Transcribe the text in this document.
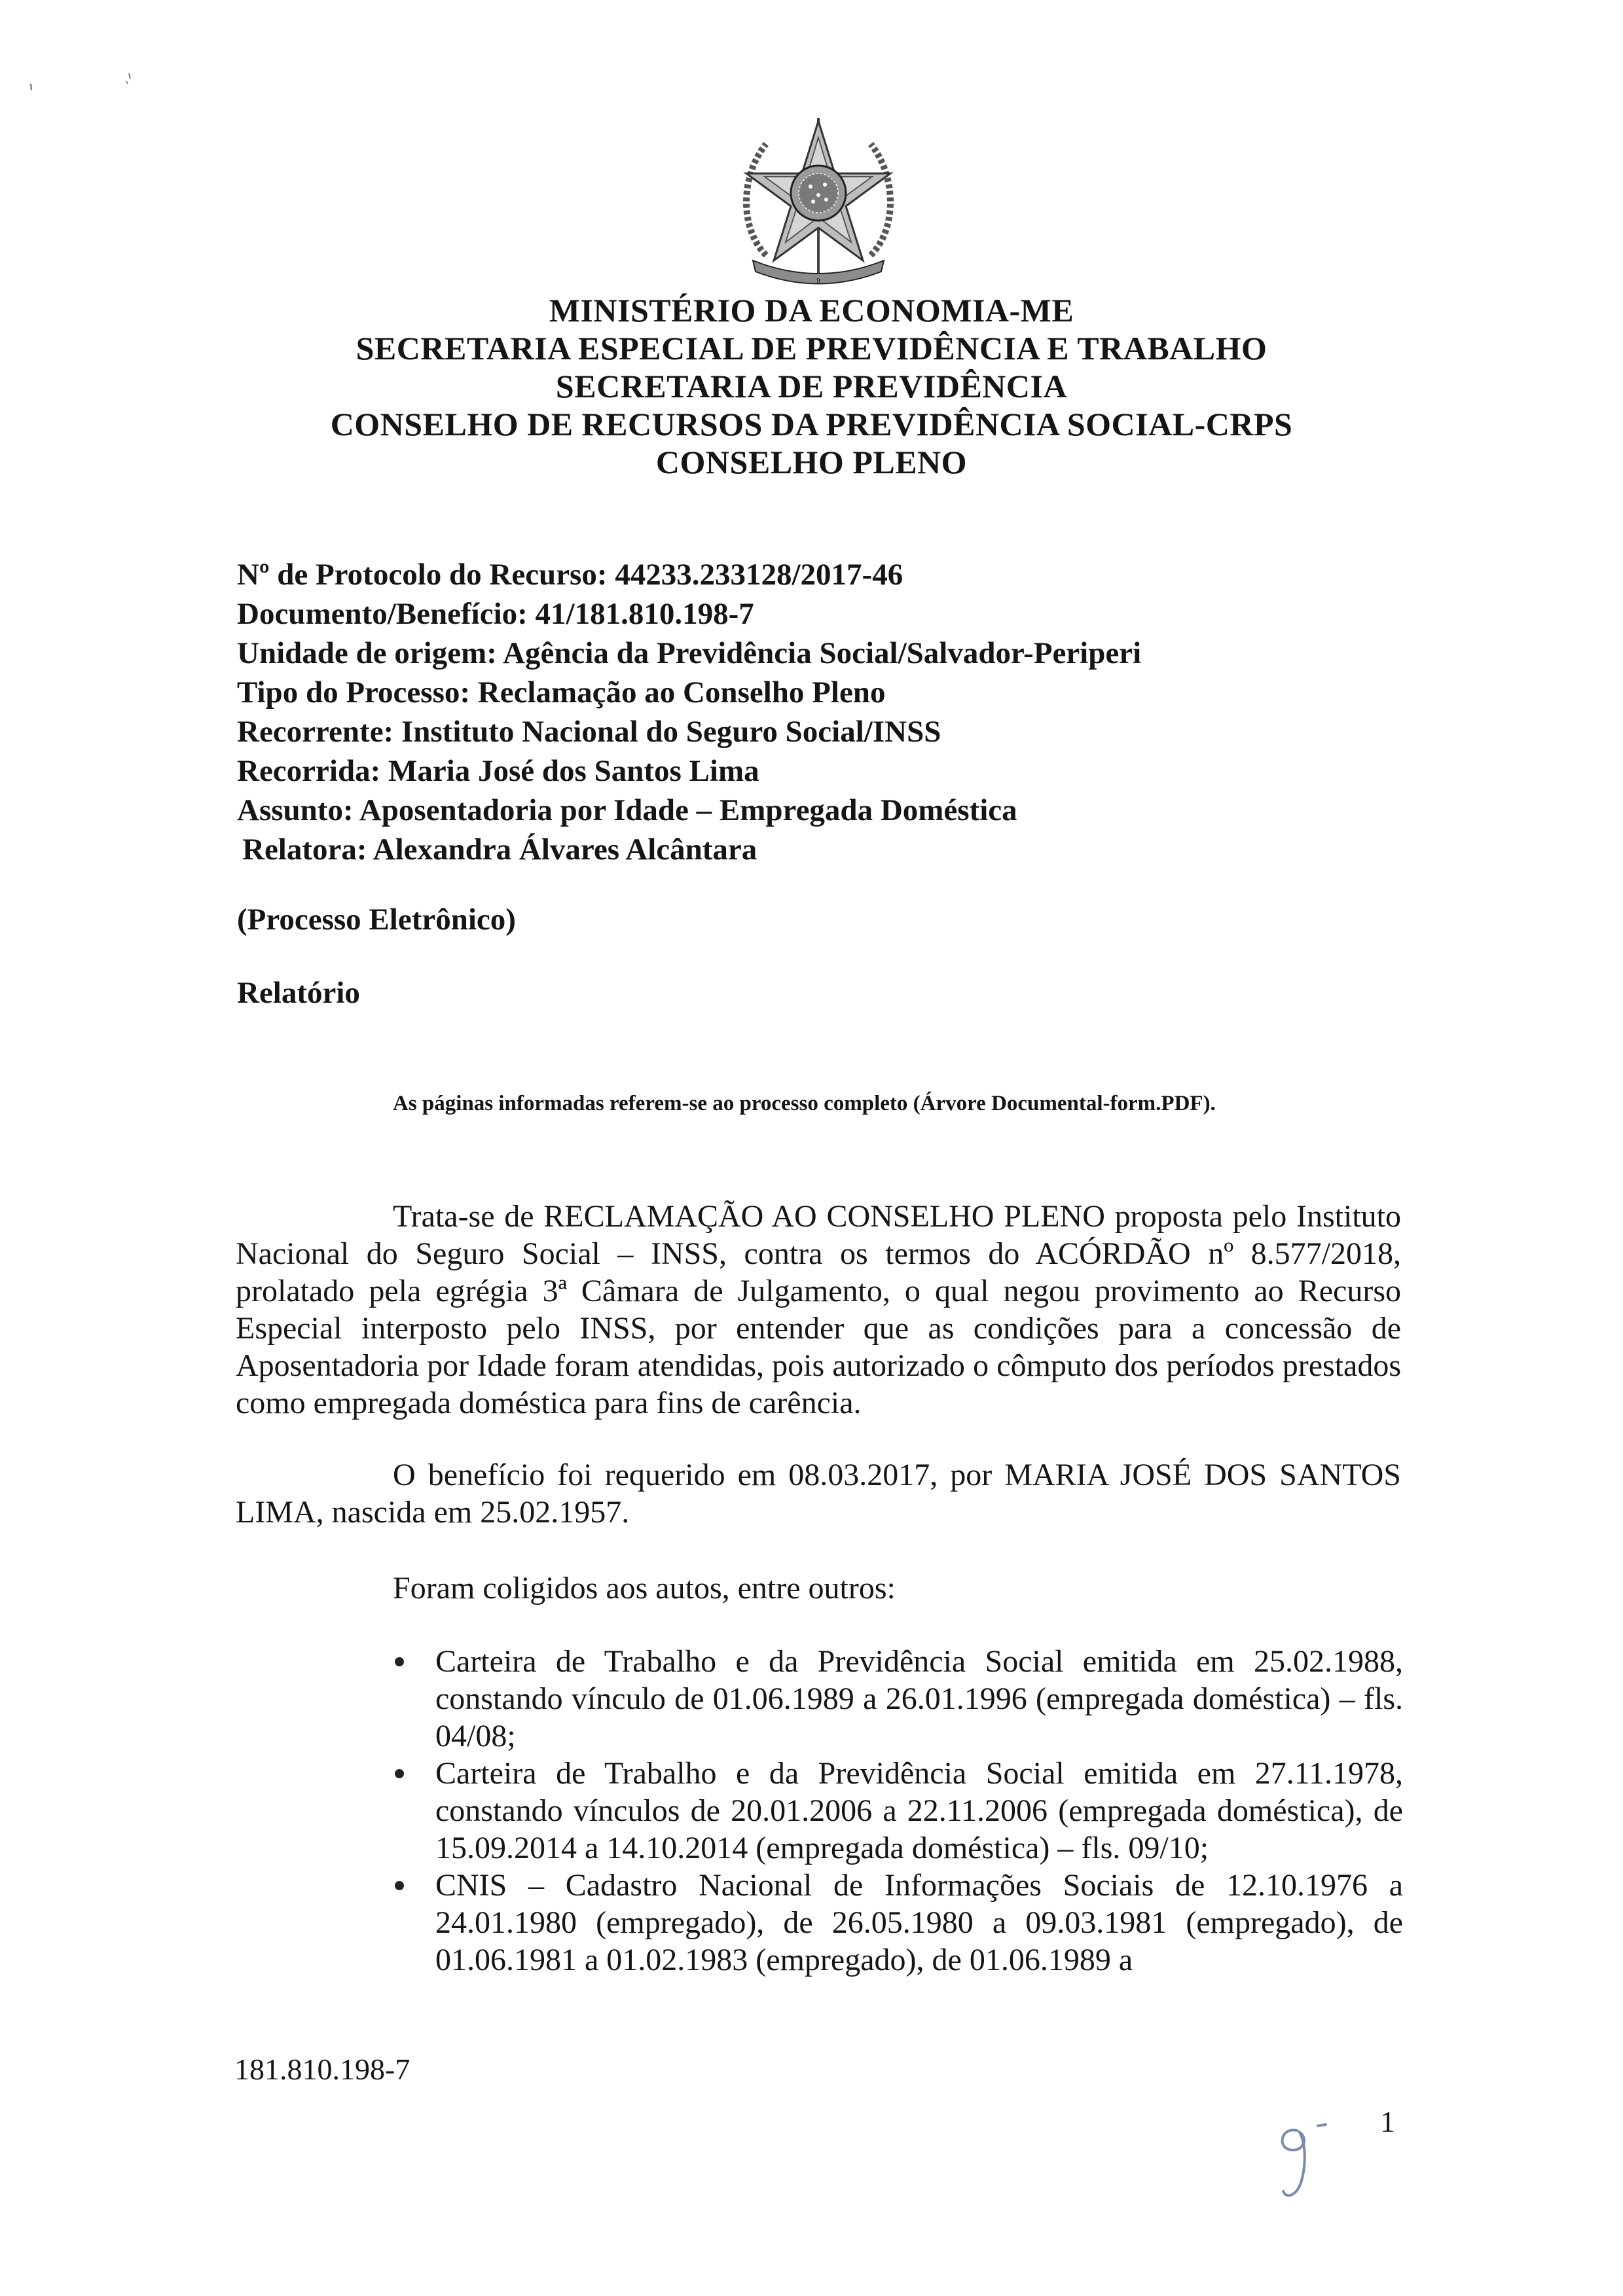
9
MINISTÉRIO DA ECONOMIA-ME
SECRETARIA ESPECIAL DE PREVIDÊNCIA E TRABALHO
SECRETARIA DE PREVIDÊNCIA
CONSELHO DE RECURSOS DA PREVIDÊNCIA SOCIAL-CRPS
CONSELHO PLENO
Nº de Protocolo do Recurso: 44233.233128/2017-46
Documento/Benefício: 41/181.810.198-7
Unidade de origem: Agência da Previdência Social/Salvador-Periperi
Tipo do Processo: Reclamação ao Conselho Pleno
Recorrente: Instituto Nacional do Seguro Social/INSS
Recorrida: Maria José dos Santos Lima
Assunto: Aposentadoria por Idade – Empregada Doméstica
Relatora: Alexandra Álvares Alcântara
(Processo Eletrônico)
Relatório
As páginas informadas referem-se ao processo completo (Árvore Documental-form.PDF).

Trata-se de RECLAMAÇÃO AO CONSELHO PLENO proposta pelo Instituto Nacional do Seguro Social – INSS, contra os termos do ACÓRDÃO nº 8.577/2018, prolatado pela egrégia 3ª Câmara de Julgamento, o qual negou provimento ao Recurso Especial interposto pelo INSS, por entender que as condições para a concessão de Aposentadoria por Idade foram atendidas, pois autorizado o cômputo dos períodos prestados como empregada doméstica para fins de carência.

O benefício foi requerido em 08.03.2017, por MARIA JOSÉ DOS SANTOS LIMA, nascida em 25.02.1957.

Foram coligidos aos autos, entre outros:

Carteira de Trabalho e da Previdência Social emitida em 25.02.1988, constando vínculo de 01.06.1989 a 26.01.1996 (empregada doméstica) – fls. 04/08;
Carteira de Trabalho e da Previdência Social emitida em 27.11.1978, constando vínculos de 20.01.2006 a 22.11.2006 (empregada doméstica), de 15.09.2014 a 14.10.2014 (empregada doméstica) – fls. 09/10;
CNIS – Cadastro Nacional de Informações Sociais de 12.10.1976 a 24.01.1980 (empregado), de 26.05.1980 a 09.03.1981 (empregado), de 01.06.1981 a 01.02.1983 (empregado), de 01.06.1989 a
181.810.198-7
1
